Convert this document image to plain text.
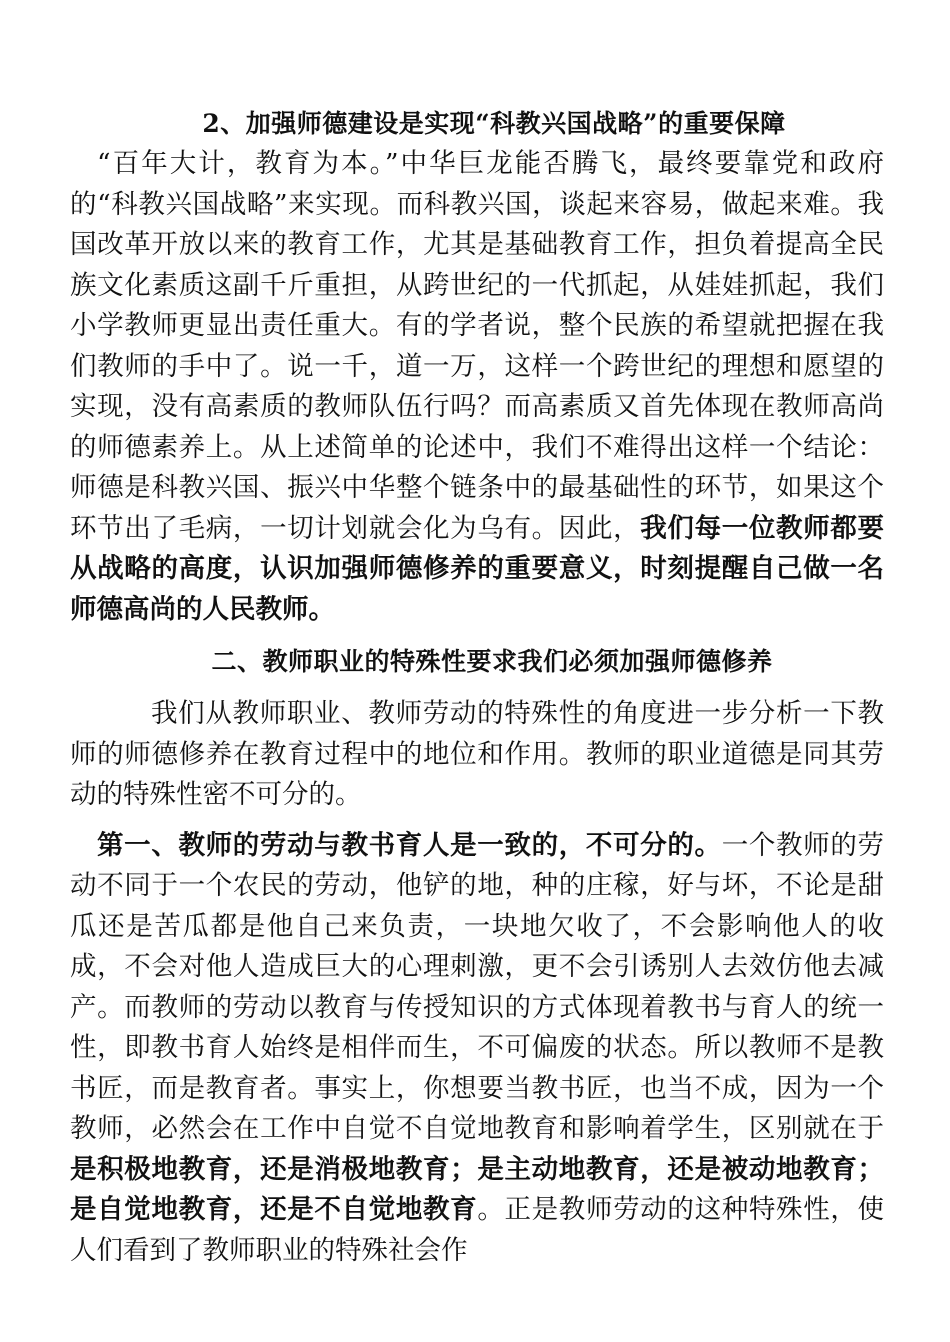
2、加强师德建设是实现“科教兴国战略”的重要保障

“百年大计，教育为本。”中华巨龙能否腾飞，最终要靠党和政府的“科教兴国战略”来实现。而科教兴国，谈起来容易，做起来难。我国改革开放以来的教育工作，尤其是基础教育工作，担负着提高全民族文化素质这副千斤重担，从跨世纪的一代抓起，从娃娃抓起，我们小学教师更显出责任重大。有的学者说，整个民族的希望就把握在我们教师的手中了。说一千，道一万，这样一个跨世纪的理想和愿望的实现，没有高素质的教师队伍行吗？而高素质又首先体现在教师高尚的师德素养上。从上述简单的论述中，我们不难得出这样一个结论：师德是科教兴国、振兴中华整个链条中的最基础性的环节，如果这个环节出了毛病，一切计划就会化为乌有。因此，我们每一位教师都要从战略的高度，认识加强师德修养的重要意义，时刻提醒自己做一名师德高尚的人民教师。

二、教师职业的特殊性要求我们必须加强师德修养

我们从教师职业、教师劳动的特殊性的角度进一步分析一下教师的师德修养在教育过程中的地位和作用。教师的职业道德是同其劳动的特殊性密不可分的。

第一、教师的劳动与教书育人是一致的，不可分的。一个教师的劳动不同于一个农民的劳动，他铲的地，种的庄稼，好与坏，不论是甜瓜还是苦瓜都是他自己来负责，一块地欠收了，不会影响他人的收成，不会对他人造成巨大的心理刺激，更不会引诱别人去效仿他去减产。而教师的劳动以教育与传授知识的方式体现着教书与育人的统一性，即教书育人始终是相伴而生，不可偏废的状态。所以教师不是教书匠，而是教育者。事实上，你想要当教书匠，也当不成，因为一个教师，必然会在工作中自觉不自觉地教育和影响着学生，区别就在于是积极地教育，还是消极地教育；是主动地教育，还是被动地教育；是自觉地教育，还是不自觉地教育。正是教师劳动的这种特殊性，使人们看到了教师职业的特殊社会作
